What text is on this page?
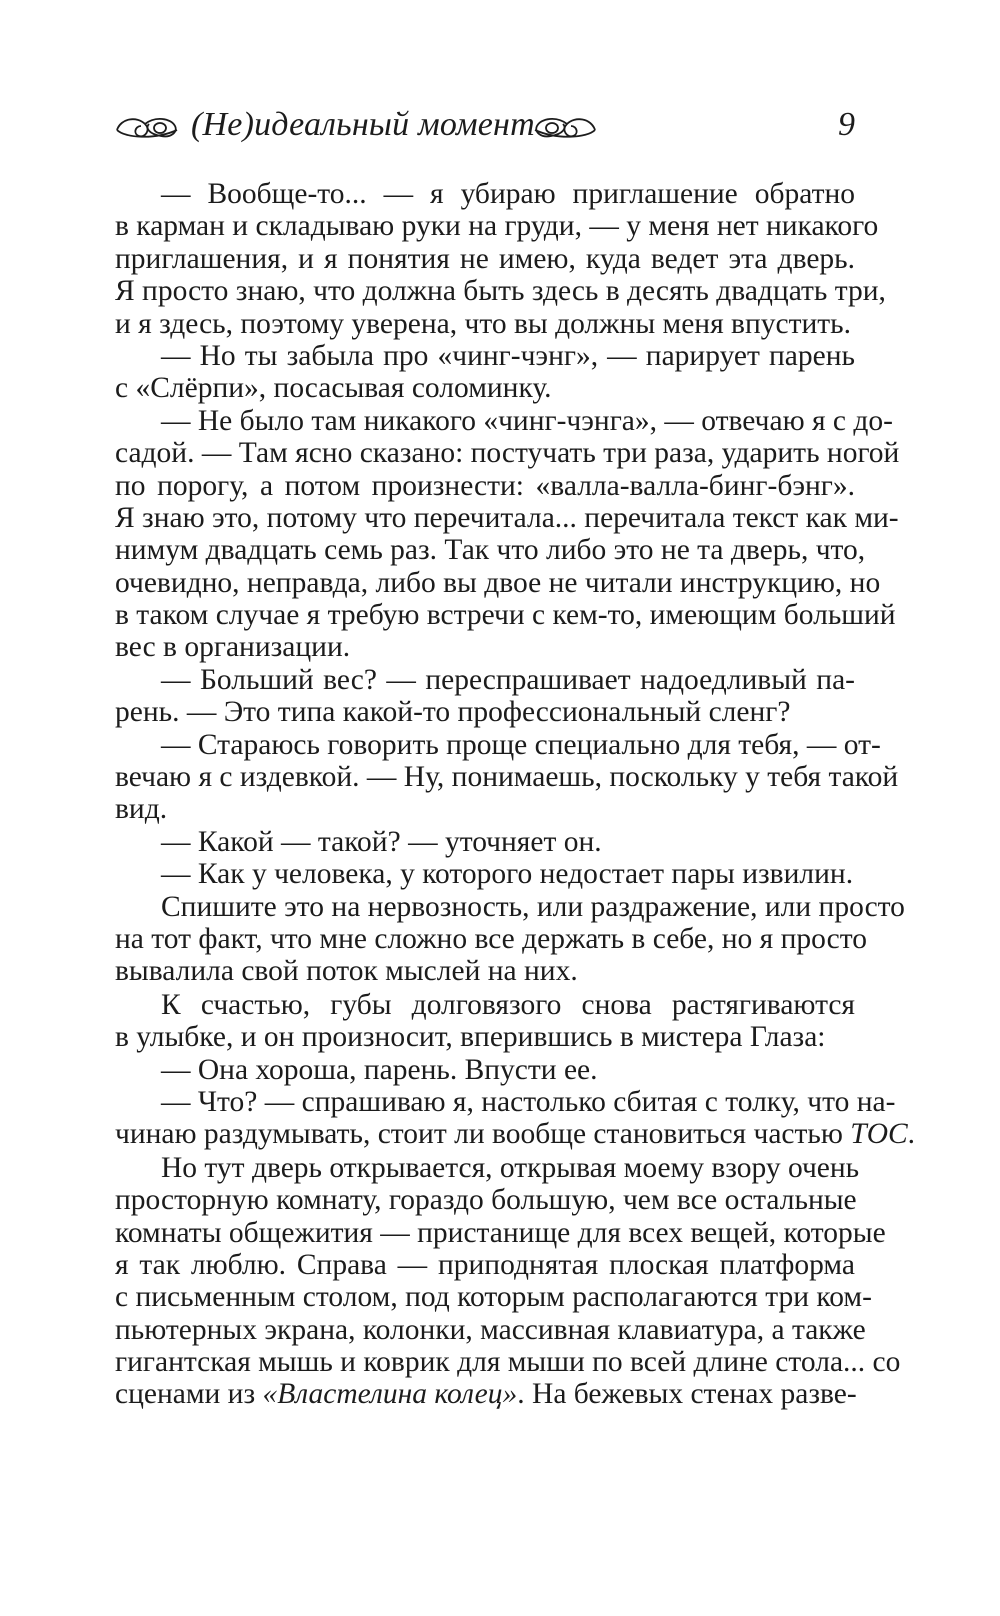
(Не)идеальный момент	9
— Вообще-то... — я убираю приглашение обратно
в карман и складываю руки на груди, — у меня нет никакого
приглашения, и я понятия не имею, куда ведет эта дверь.
Я просто знаю, что должна быть здесь в десять двадцать три,
и я здесь, поэтому уверена, что вы должны меня впустить.
— Но ты забыла про «чинг-чэнг», — парирует парень
с «Слёрпи», посасывая соломинку.
— Не было там никакого «чинг-чэнга», — отвечаю я с до-
садой. — Там ясно сказано: постучать три раза, ударить ногой
по порогу, а потом произнести: «валла-валла-бинг-бэнг».
Я знаю это, потому что перечитала... перечитала текст как ми-
нимум двадцать семь раз. Так что либо это не та дверь, что,
очевидно, неправда, либо вы двое не читали инструкцию, но
в таком случае я требую встречи с кем-то, имеющим больший
вес в организации.
— Больший вес? — переспрашивает надоедливый па-
рень. — Это типа какой-то профессиональный сленг?
— Стараюсь говорить проще специально для тебя, — от-
вечаю я с издевкой. — Ну, понимаешь, поскольку у тебя такой
вид.
— Какой — такой? — уточняет он.
— Как у человека, у которого недостает пары извилин.
Спишите это на нервозность, или раздражение, или просто
на тот факт, что мне сложно все держать в себе, но я просто
вывалила свой поток мыслей на них.
К счастью, губы долговязого снова растягиваются
в улыбке, и он произносит, вперившись в мистера Глаза:
— Она хороша, парень. Впусти ее.
— Что? — спрашиваю я, настолько сбитая с толку, что на-
чинаю раздумывать, стоит ли вообще становиться частью ТОС.
Но тут дверь открывается, открывая моему взору очень
просторную комнату, гораздо большую, чем все остальные
комнаты общежития — пристанище для всех вещей, которые
я так люблю. Справа — приподнятая плоская платформа
с письменным столом, под которым располагаются три ком-
пьютерных экрана, колонки, массивная клавиатура, а также
гигантская мышь и коврик для мыши по всей длине стола... со
сценами из «Властелина колец». На бежевых стенах разве-
